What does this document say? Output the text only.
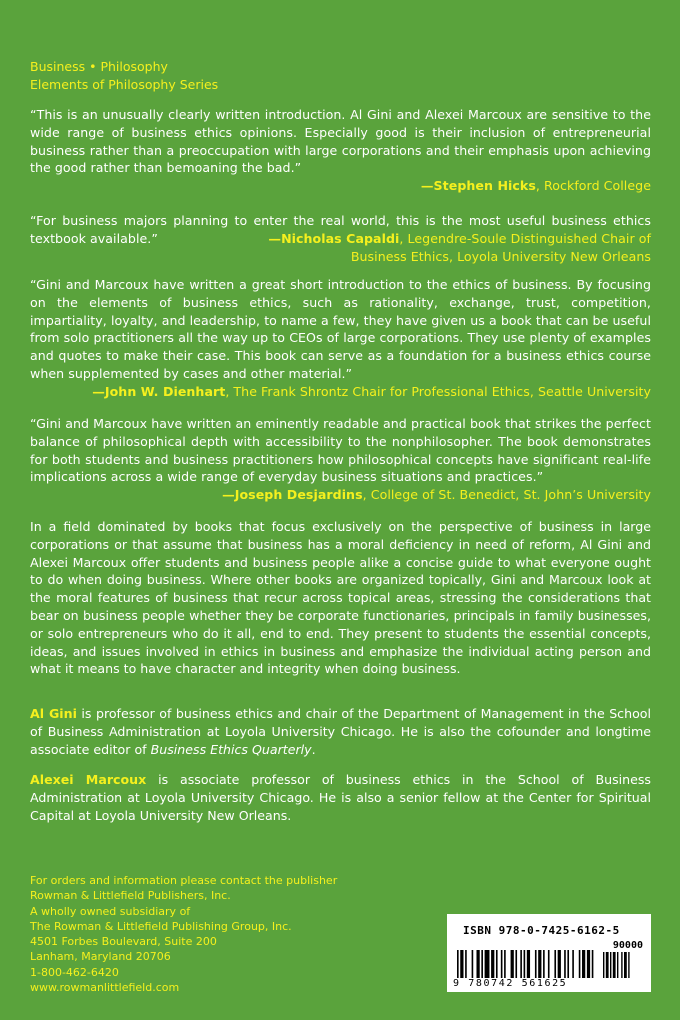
Business • Philosophy
Elements of Philosophy Series
“This is an unusually clearly written introduction. Al Gini and Alexei Marcoux are sensitive to the wide range of business ethics opinions. Especially good is their inclusion of entrepreneurial business rather than a preoccupation with large corporations and their emphasis upon achieving the good rather than bemoaning the bad.”
—Stephen Hicks, Rockford College
“For business majors planning to enter the real world, this is the most useful business ethics textbook available.”	—Nicholas Capaldi, Legendre-Soule Distinguished Chair of Business Ethics, Loyola University New Orleans
“Gini and Marcoux have written a great short introduction to the ethics of business. By focusing on the elements of business ethics, such as rationality, exchange, trust, competition, impartiality, loyalty, and leadership, to name a few, they have given us a book that can be useful from solo practitioners all the way up to CEOs of large corporations. They use plenty of examples and quotes to make their case. This book can serve as a foundation for a business ethics course when supplemented by cases and other material.”
—John W. Dienhart, The Frank Shrontz Chair for Professional Ethics, Seattle University
“Gini and Marcoux have written an eminently readable and practical book that strikes the perfect balance of philosophical depth with accessibility to the nonphilosopher. The book demonstrates for both students and business practitioners how philosophical concepts have significant real-life implications across a wide range of everyday business situations and practices.”
—Joseph Desjardins, College of St. Benedict, St. John’s University
In a field dominated by books that focus exclusively on the perspective of business in large corporations or that assume that business has a moral deficiency in need of reform, Al Gini and Alexei Marcoux offer students and business people alike a concise guide to what everyone ought to do when doing business. Where other books are organized topically, Gini and Marcoux look at the moral features of business that recur across topical areas, stressing the considerations that bear on business people whether they be corporate functionaries, principals in family businesses, or solo entrepreneurs who do it all, end to end. They present to students the essential concepts, ideas, and issues involved in ethics in business and emphasize the individual acting person and what it means to have character and integrity when doing business.
Al Gini is professor of business ethics and chair of the Department of Management in the School of Business Administration at Loyola University Chicago. He is also the cofounder and longtime associate editor of Business Ethics Quarterly.
Alexei Marcoux is associate professor of business ethics in the School of Business Administration at Loyola University Chicago. He is also a senior fellow at the Center for Spiritual Capital at Loyola University New Orleans.
For orders and information please contact the publisher
Rowman & Littlefield Publishers, Inc.
A wholly owned subsidiary of
The Rowman & Littlefield Publishing Group, Inc.
4501 Forbes Boulevard, Suite 200
Lanham, Maryland 20706
1-800-462-6420
www.rowmanlittlefield.com
ISBN 978-0-7425-6162-5
90000
9 780742 561625
